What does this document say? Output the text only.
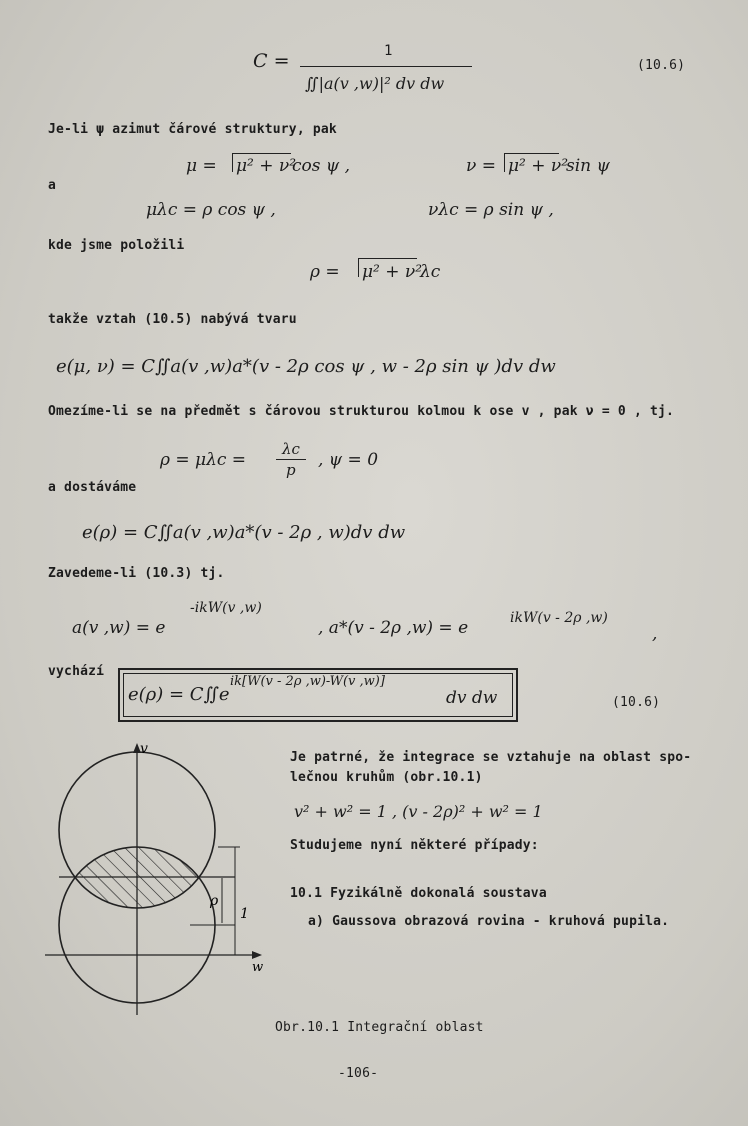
C =	1
∬|a(v ,w)|² dv dw
(10.6)
Je-li ψ azimut čárové struktury, pak
μ = μ² + ν²
cos ψ ,	ν = μ² + ν²
sin ψ
a
μλc = ρ cos ψ ,	νλc = ρ sin ψ ,
kde jsme položili
ρ = μ² + ν²
λc
takže vztah (10.5) nabývá tvaru
e(μ, ν) = C∬a(v ,w)a*(v - 2ρ cos ψ , w - 2ρ sin ψ )dv dw
Omezíme-li se na předmět s čárovou strukturou kolmou k ose v , pak ν = 0 , tj.
ρ = μλc =
λc
p , ψ = 0
a dostáváme
e(ρ) = C∬a(v ,w)a*(v - 2ρ , w)dv dw
Zavedeme-li (10.3) tj.
a(v ,w) = e
-ikW(v ,w)
, a*(v - 2ρ ,w) = e	ikW(v - 2ρ ,w)
,
vychází
e(ρ) = C∬e
ik[W(v - 2ρ ,w)-W(v ,w)]
dv dw	(10.6)
Je patrné, že integrace se vztahuje na oblast spo-
lečnou kruhům (obr.10.1)
v² + w² = 1 , (v - 2ρ)² + w² = 1
Studujeme nyní některé případy:
10.1 Fyzikálně dokonalá soustava
a) Gaussova obrazová rovina - kruhová pupila.
v
w
ρ
1
Obr.10.1 Integrační oblast
-106-
